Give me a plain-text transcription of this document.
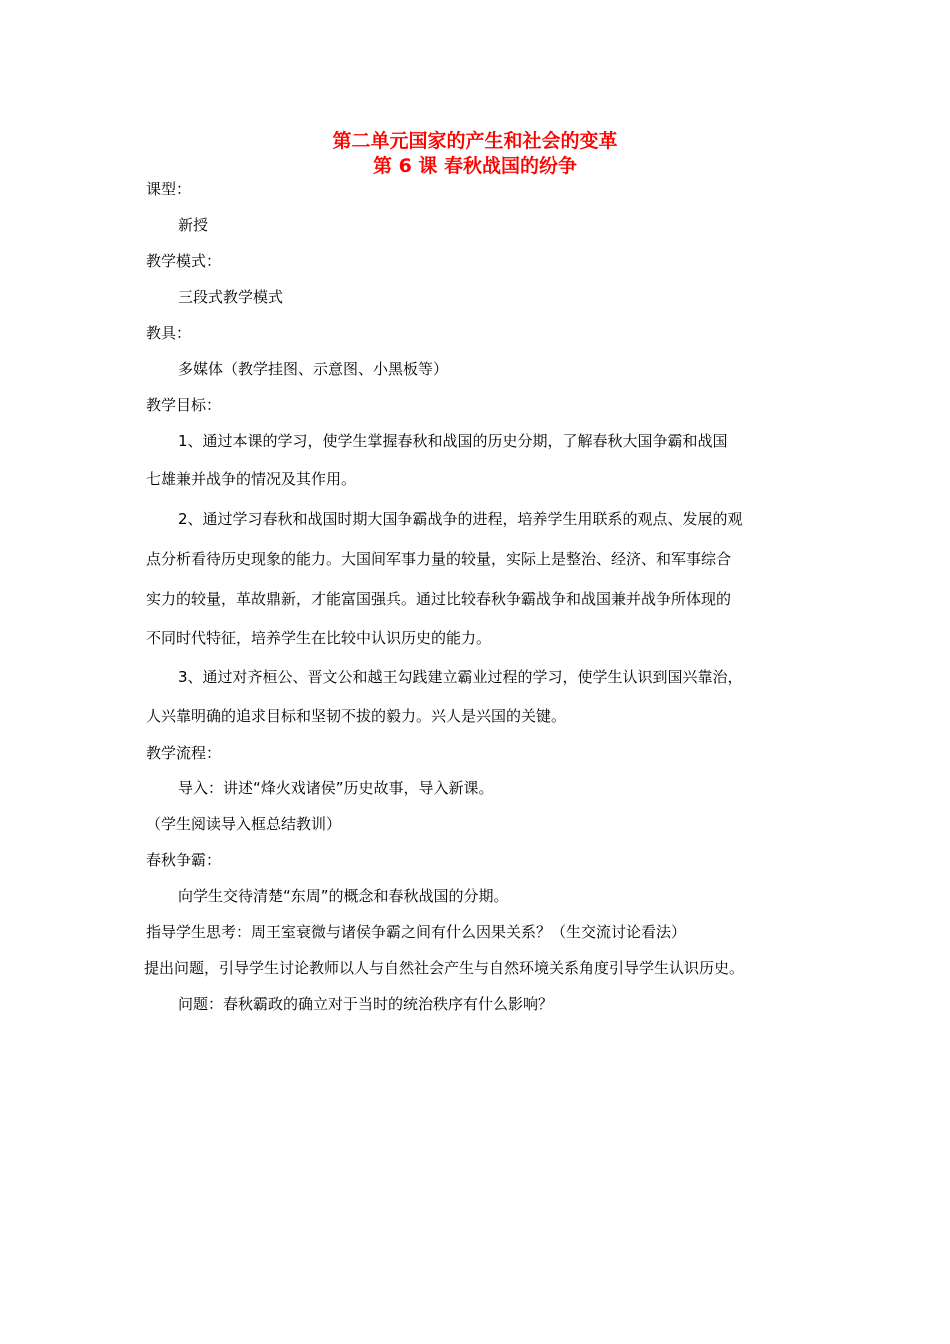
第二单元国家的产生和社会的变革
第 6 课 春秋战国的纷争
课型：
新授
教学模式：
三段式教学模式
教具：
多媒体（教学挂图、示意图、小黑板等）
教学目标：
1、通过本课的学习，使学生掌握春秋和战国的历史分期，了解春秋大国争霸和战国
七雄兼并战争的情况及其作用。
2、通过学习春秋和战国时期大国争霸战争的进程，培养学生用联系的观点、发展的观
点分析看待历史现象的能力。大国间军事力量的较量，实际上是整治、经济、和军事综合
实力的较量，革故鼎新，才能富国强兵。通过比较春秋争霸战争和战国兼并战争所体现的
不同时代特征，培养学生在比较中认识历史的能力。
3、通过对齐桓公、晋文公和越王勾践建立霸业过程的学习，使学生认识到国兴靠治，
人兴靠明确的追求目标和坚韧不拔的毅力。兴人是兴国的关键。
教学流程：
导入：讲述“烽火戏诸侯”历史故事，导入新课。
（学生阅读导入框总结教训）
春秋争霸：
向学生交待清楚“东周”的概念和春秋战国的分期。
指导学生思考：周王室衰微与诸侯争霸之间有什么因果关系？（生交流讨论看法）
提出问题，引导学生讨论教师以人与自然社会产生与自然环境关系角度引导学生认识历史。
问题：春秋霸政的确立对于当时的统治秩序有什么影响？
